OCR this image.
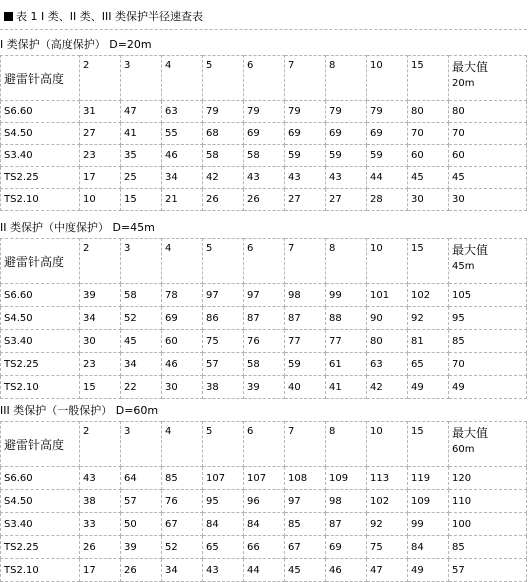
表 1 I 类、II 类、III 类保护半径速查表
I 类保护（高度保护） D=20m
避雷针高度	2	3	4	5	6	7	8	10	15	最大值
20m

S6.60	31	47	63	79	79	79	79	79	80	80
S4.50	27	41	55	68	69	69	69	69	70	70
S3.40	23	35	46	58	58	59	59	59	60	60
TS2.25	17	25	34	42	43	43	43	44	45	45
TS2.10	10	15	21	26	26	27	27	28	30	30
II 类保护（中度保护） D=45m
避雷针高度	2	3	4	5	6	7	8	10	15	最大值
45m

S6.60	39	58	78	97	97	98	99	101	102	105
S4.50	34	52	69	86	87	87	88	90	92	95
S3.40	30	45	60	75	76	77	77	80	81	85
TS2.25	23	34	46	57	58	59	61	63	65	70
TS2.10	15	22	30	38	39	40	41	42	49	49
III 类保护（一般保护） D=60m
避雷针高度	2	3	4	5	6	7	8	10	15	最大值
60m

S6.60	43	64	85	107	107	108	109	113	119	120
S4.50	38	57	76	95	96	97	98	102	109	110
S3.40	33	50	67	84	84	85	87	92	99	100
TS2.25	26	39	52	65	66	67	69	75	84	85
TS2.10	17	26	34	43	44	45	46	47	49	57
